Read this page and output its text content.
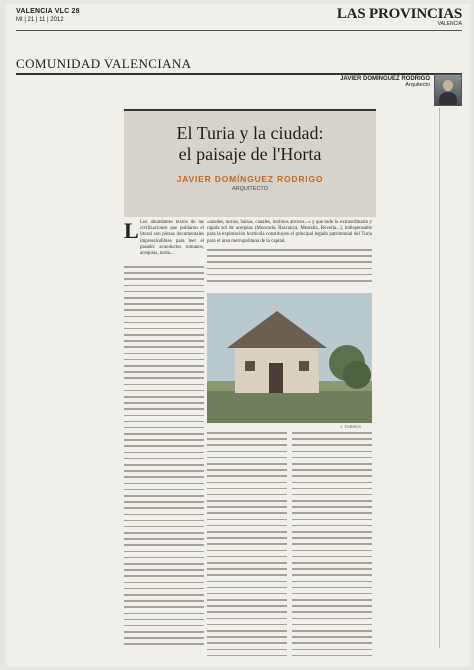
VALENCIA VLC 28
MI | 21 | 11 | 2012	LAS PROVINCIAS
VALENCIA
COMUNIDAD VALENCIANA
JAVIER DOMÍNGUEZ RODRIGO
Arquitecto
El Turia y la ciudad:
el paisaje de l'Horta
JAVIER DOMÍNGUEZ RODRIGO
ARQUITECTO
L Los abundantes textos de las civilizaciones que poblaron el litoral son piezas documentales imprescindibles para leer el pasado: acueductos romanos, acequias, noria...
«azudes, norias, balsas, canales, molinos atrocos...» y que todo lo extraordinario y rapida sol de acequias (Moncada, Rascanya, Mestalla, Rovella...), indispensable para la explotación hortícola constituyen el principal legado patrimonial del Turia para el área metropolitana de la capital.
J. TORRES
